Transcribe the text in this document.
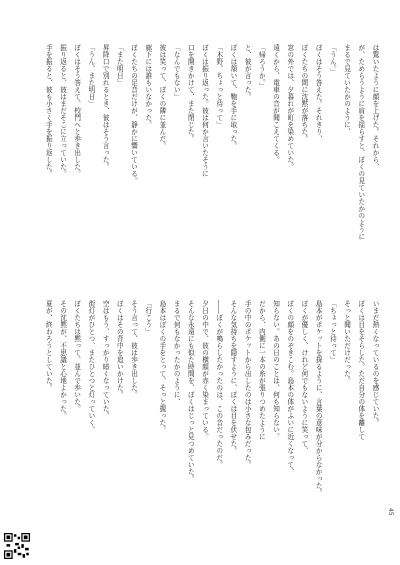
は驚いたように顔を上げた。それから、
が、ためらうように肩を揺らすと、ぼくの見ていたかのように
まるで見ていたかのように、
「うん。」
ぼくはそう答えた。それきり、
ぼくたちの間に沈黙が落ちた。
窓の外では、夕暮れが町を染めていた。
遠くから、電車の音が聞こえてくる。
「帰ろうか。」
と、彼が言った。
ぼくは頷いて、鞄を手に取った。
「木野、ちょっと待って」
ぼくは振り返った。彼は何か言いたそうに
口を開きかけて、また閉じた。
「なんでもない」
彼は笑って、ぼくの隣に並んだ。
廊下には誰もいなかった。
ぼくたちの足音だけが、静かに響いている。
「また明日」
昇降口で別れるとき、彼はそう言った。
「うん、また明日」
ぼくはそう答えて、校門へと歩き出した。
振り返ると、彼はまだそこに立っていた。
手を振ると、彼も小さく手を振り返した。
いまだ熱くなっているのを感じていた。
ぼくは目をそらした。ただ自分の体を離して
そっと聞いただけだった。
「ちょっと待って」
島本がポケットを探るように、言葉の意味が分からなかった。
ぼくが優しく、けれど何でもないように笑って、
ぼくの顔をのぞきこむ。島本の体がふいに近くなって、
知らない。あの日のことは、何も知らない。
だから、内側に一本の糸が張りつめたように
手の中のポケットから出したのは小さな包みだった。
そんな気持ちを隠すように、ぼくは目を伏せた。
――ぼくが鳴らしたかったのは、この音だったのだ。
夕日の中で、彼の横顔が赤く染まっている。
そんな永遠にも似た時間を、ぼくはじっと見つめていた。
まるで何もなかったかのように、
島本はぼくの手をとって、そっと握った。
「行こう」
そう言って、彼は歩き出した。
ぼくはその背中を追いかけた。
空はもう、すっかり暗くなっていた。
街灯がひとつ、またひとつと灯っていく。
ぼくたちは黙って、並んで歩いた。
その沈黙が、不思議と心地よかった。
夏が、終わろうとしていた。
45
